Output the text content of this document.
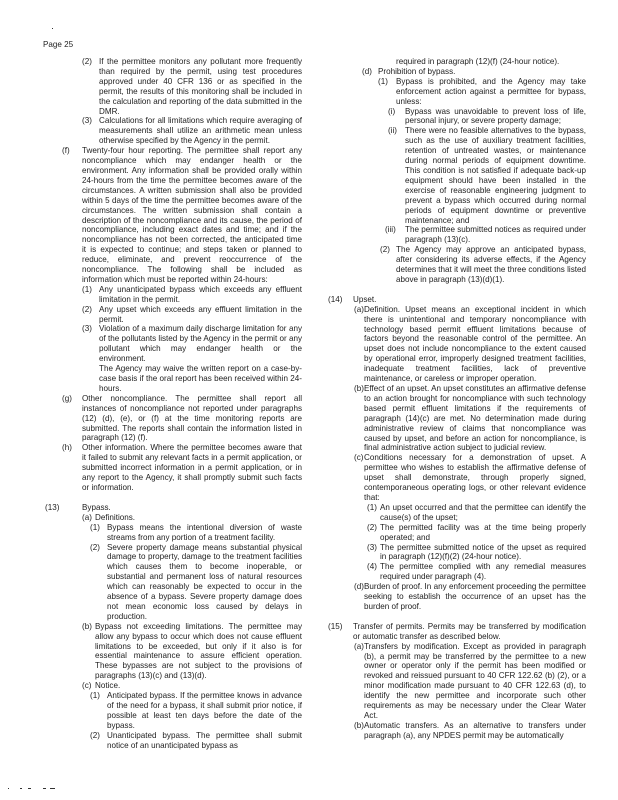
Page 25
(2) If the permittee monitors any pollutant more frequently than required by the permit, using test procedures approved under 40 CFR 136 or as specified in the permit, the results of this monitoring shall be included in the calculation and reporting of the data submitted in the DMR.
(3) Calculations for all limitations which require averaging of measurements shall utilize an arithmetic mean unless otherwise specified by the Agency in the permit.
(f) Twenty-four hour reporting. The permittee shall report any noncompliance which may endanger health or the environment. Any information shall be provided orally within 24-hours from the time the permittee becomes aware of the circumstances. A written submission shall also be provided within 5 days of the time the permittee becomes aware of the circumstances. The written submission shall contain a description of the noncompliance and its cause, the period of noncompliance, including exact dates and time; and if the noncompliance has not been corrected, the anticipated time it is expected to continue; and steps taken or planned to reduce, eliminate, and prevent reoccurrence of the noncompliance. The following shall be included as information which must be reported within 24-hours:
(1) Any unanticipated bypass which exceeds any effluent limitation in the permit.
(2) Any upset which exceeds any effluent limitation in the permit.
(3) Violation of a maximum daily discharge limitation for any of the pollutants listed by the Agency in the permit or any pollutant which may endanger health or the environment.
The Agency may waive the written report on a case-by-case basis if the oral report has been received within 24-hours.
(g) Other noncompliance. The permittee shall report all instances of noncompliance not reported under paragraphs (12) (d), (e), or (f) at the time monitoring reports are submitted. The reports shall contain the information listed in paragraph (12) (f).
(h) Other information. Where the permittee becomes aware that it failed to submit any relevant facts in a permit application, or submitted incorrect information in a permit application, or in any report to the Agency, it shall promptly submit such facts or information.
(13)	Bypass.
(a) Definitions.
(1) Bypass means the intentional diversion of waste streams from any portion of a treatment facility.
(2) Severe property damage means substantial physical damage to property, damage to the treatment facilities which causes them to become inoperable, or substantial and permanent loss of natural resources which can reasonably be expected to occur in the absence of a bypass. Severe property damage does not mean economic loss caused by delays in production.
(b) Bypass not exceeding limitations. The permittee may allow any bypass to occur which does not cause effluent limitations to be exceeded, but only if it also is for essential maintenance to assure efficient operation. These bypasses are not subject to the provisions of paragraphs (13)(c) and (13)(d).
(c) Notice.
(1) Anticipated bypass. If the permittee knows in advance of the need for a bypass, it shall submit prior notice, if possible at least ten days before the date of the bypass.
(2) Unanticipated bypass. The permittee shall submit notice of an unanticipated bypass as
required in paragraph (12)(f) (24-hour notice).
(d) Prohibition of bypass.
(1) Bypass is prohibited, and the Agency may take enforcement action against a permittee for bypass, unless:
(i) Bypass was unavoidable to prevent loss of life, personal injury, or severe property damage;
(ii) There were no feasible alternatives to the bypass, such as the use of auxiliary treatment facilities, retention of untreated wastes, or maintenance during normal periods of equipment downtime. This condition is not satisfied if adequate back-up equipment should have been installed in the exercise of reasonable engineering judgment to prevent a bypass which occurred during normal periods of equipment downtime or preventive maintenance; and
(iii) The permittee submitted notices as required under paragraph (13)(c).
(2) The Agency may approve an anticipated bypass, after considering its adverse effects, if the Agency determines that it will meet the three conditions listed above in paragraph (13)(d)(1).
(14) Upset.
(a) Definition. Upset means an exceptional incident in which there is unintentional and temporary noncompliance with technology based permit effluent limitations because of factors beyond the reasonable control of the permittee. An upset does not include noncompliance to the extent caused by operational error, improperly designed treatment facilities, inadequate treatment facilities, lack of preventive maintenance, or careless or improper operation.
(b) Effect of an upset. An upset constitutes an affirmative defense to an action brought for noncompliance with such technology based permit effluent limitations if the requirements of paragraph (14)(c) are met. No determination made during administrative review of claims that noncompliance was caused by upset, and before an action for noncompliance, is final administrative action subject to judicial review.
(c) Conditions necessary for a demonstration of upset. A permittee who wishes to establish the affirmative defense of upset shall demonstrate, through properly signed, contemporaneous operating logs, or other relevant evidence that:
(1) An upset occurred and that the permittee can identify the cause(s) of the upset;
(2) The permitted facility was at the time being properly operated; and
(3) The permittee submitted notice of the upset as required in paragraph (12)(f)(2) (24-hour notice).
(4) The permittee complied with any remedial measures required under paragraph (4).
(d) Burden of proof. In any enforcement proceeding the permittee seeking to establish the occurrence of an upset has the burden of proof.
(15) Transfer of permits. Permits may be transferred by modification or automatic transfer as described below.
(a) Transfers by modification. Except as provided in paragraph (b), a permit may be transferred by the permittee to a new owner or operator only if the permit has been modified or revoked and reissued pursuant to 40 CFR 122.62 (b) (2), or a minor modification made pursuant to 40 CFR 122.63 (d), to identify the new permittee and incorporate such other requirements as may be necessary under the Clear Water Act.
(b) Automatic transfers. As an alternative to transfers under paragraph (a), any NPDES permit may be automatically
